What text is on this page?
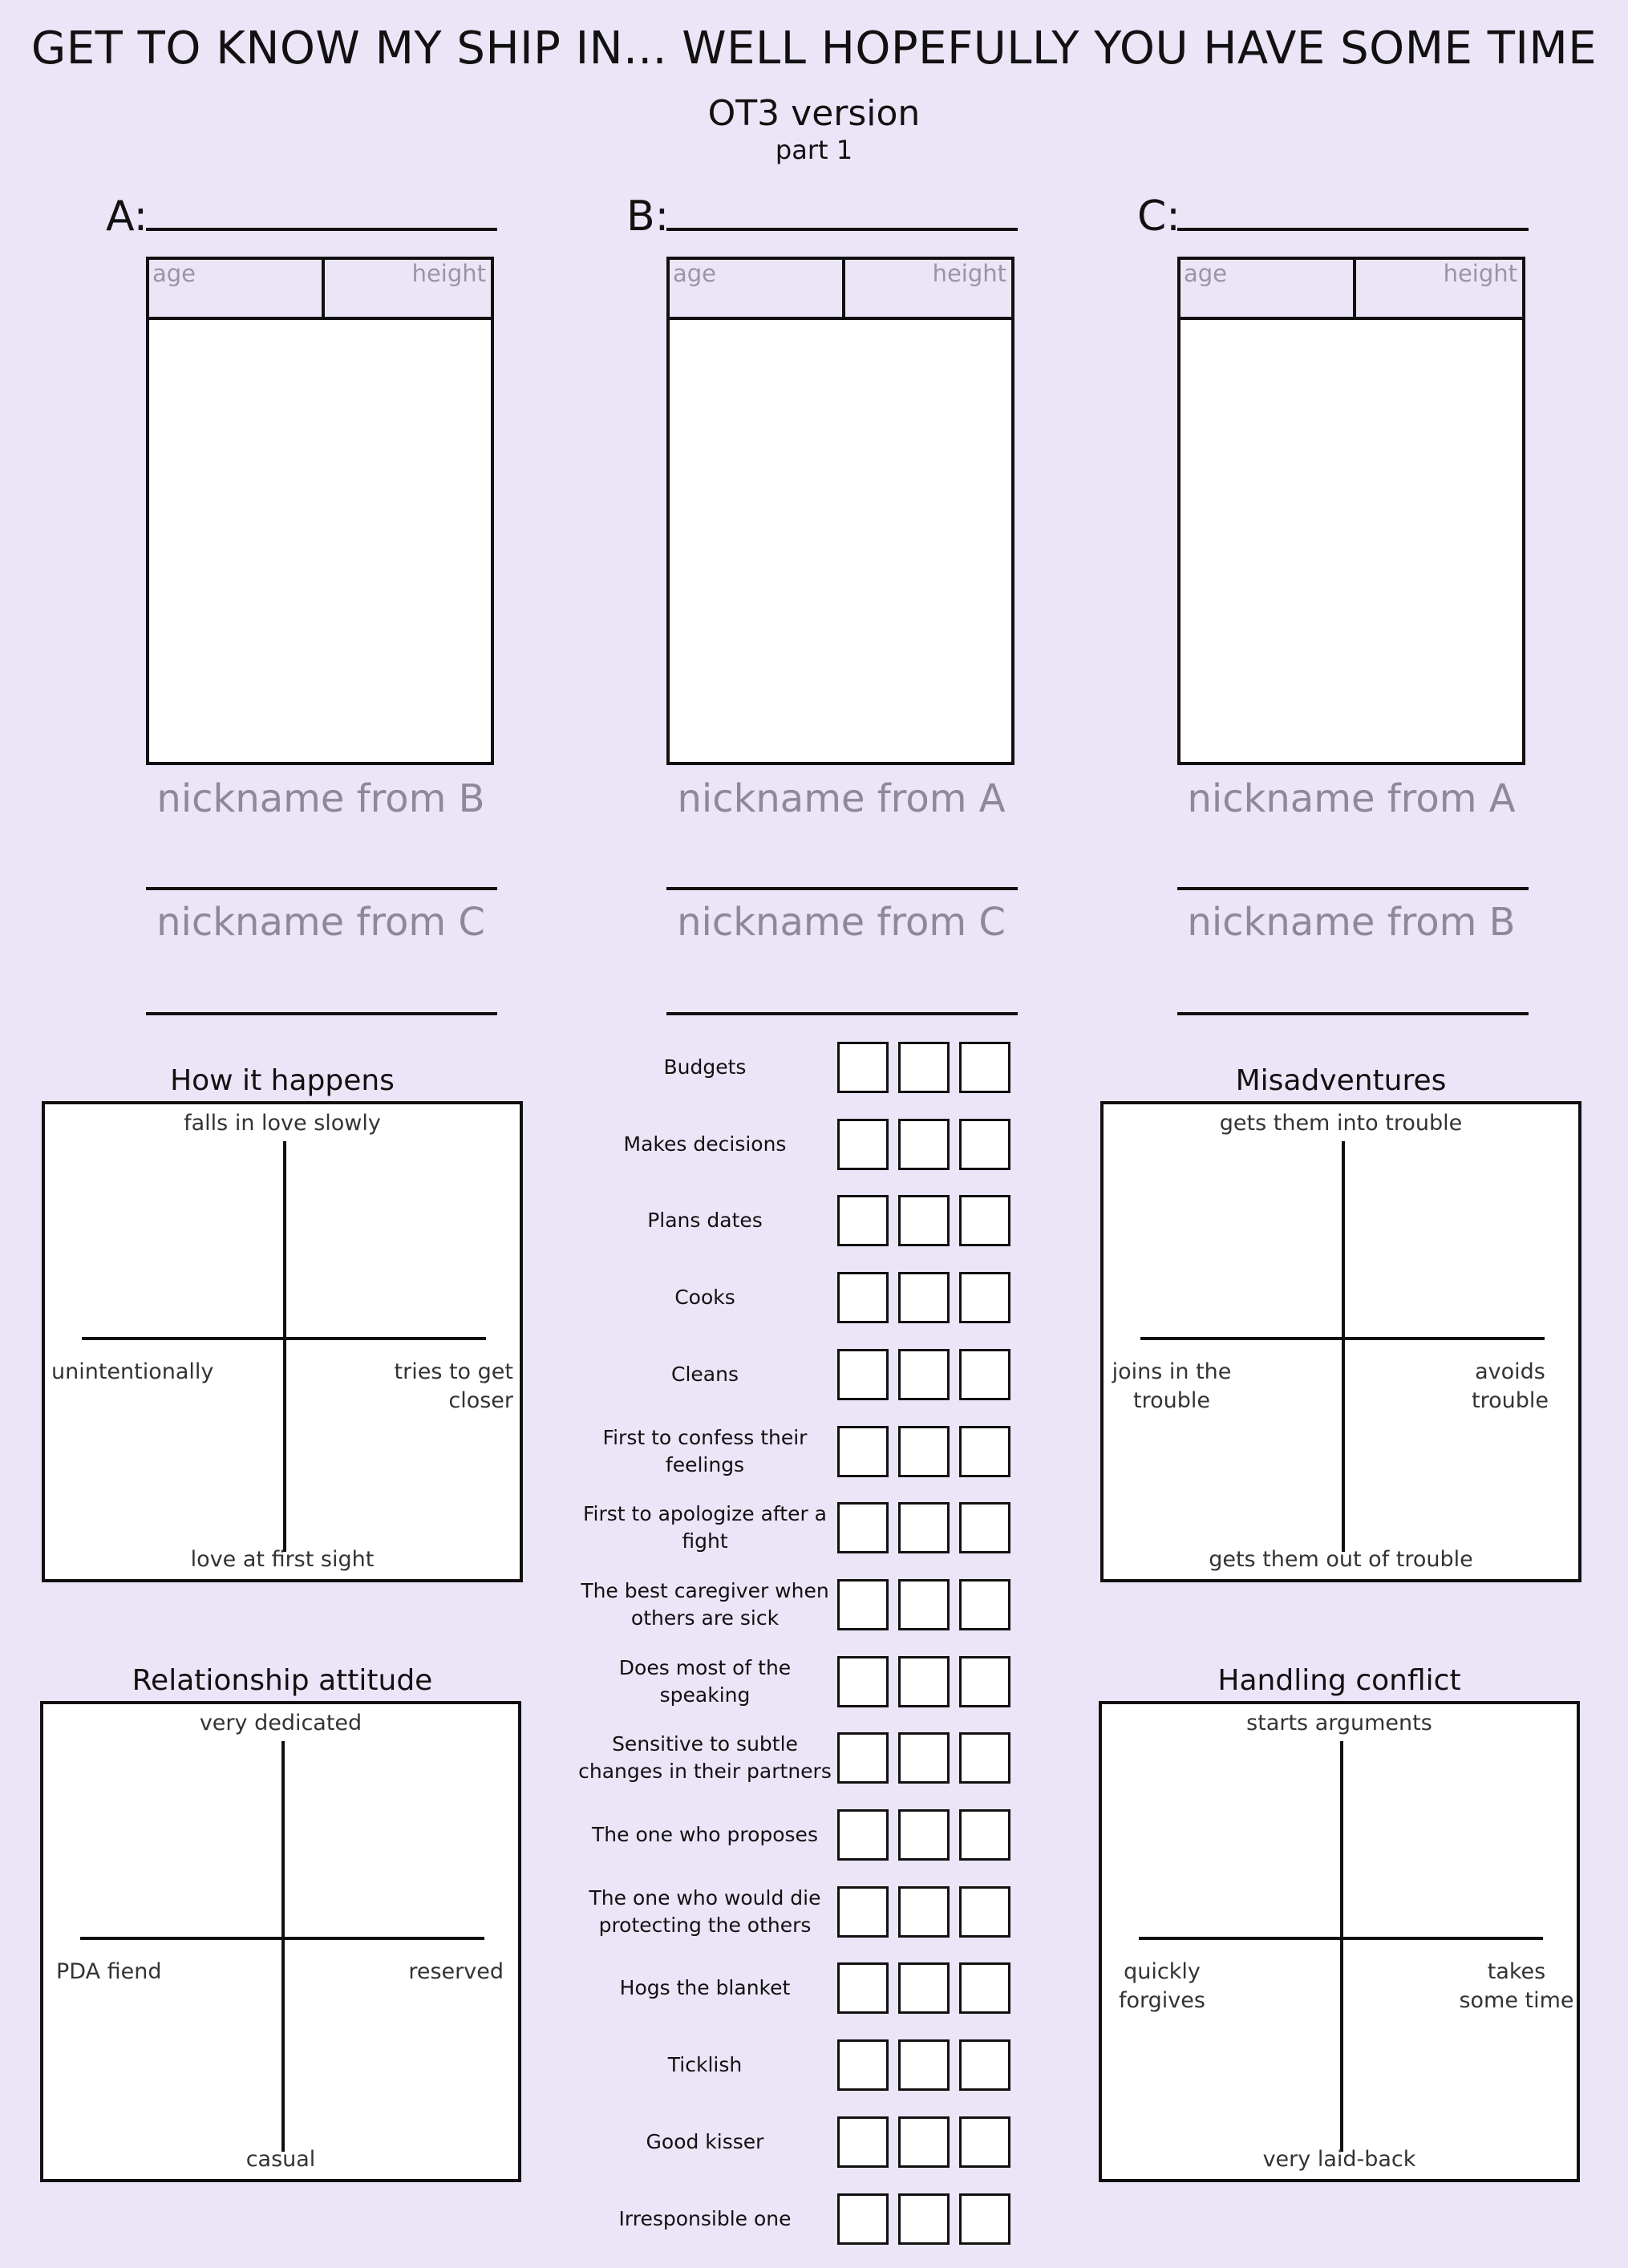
GET TO KNOW MY SHIP IN... WELL HOPEFULLY YOU HAVE SOME TIME
OT3 version
part 1
A:
age	height
nickname from B
nickname from C
B:
age	height
nickname from A
nickname from C
C:
age	height
nickname from A
nickname from B
How it happens
falls in love slowly
love at first sight
unintentionally	tries to get closer
Misadventures
gets them into trouble
gets them out of trouble
joins in the trouble
avoids trouble
Relationship attitude
very dedicated
casual
PDA fiend	reserved
Handling conflict
starts arguments
very laid-back
quickly forgives
takes some time
Budgets
Makes decisions
Plans dates
Cooks
Cleans
First to confess their feelings
First to apologize after a fight
The best caregiver when others are sick
Does most of the speaking
Sensitive to subtle changes in their partners
The one who proposes
The one who would die protecting the others
Hogs the blanket
Ticklish
Good kisser
Irresponsible one
